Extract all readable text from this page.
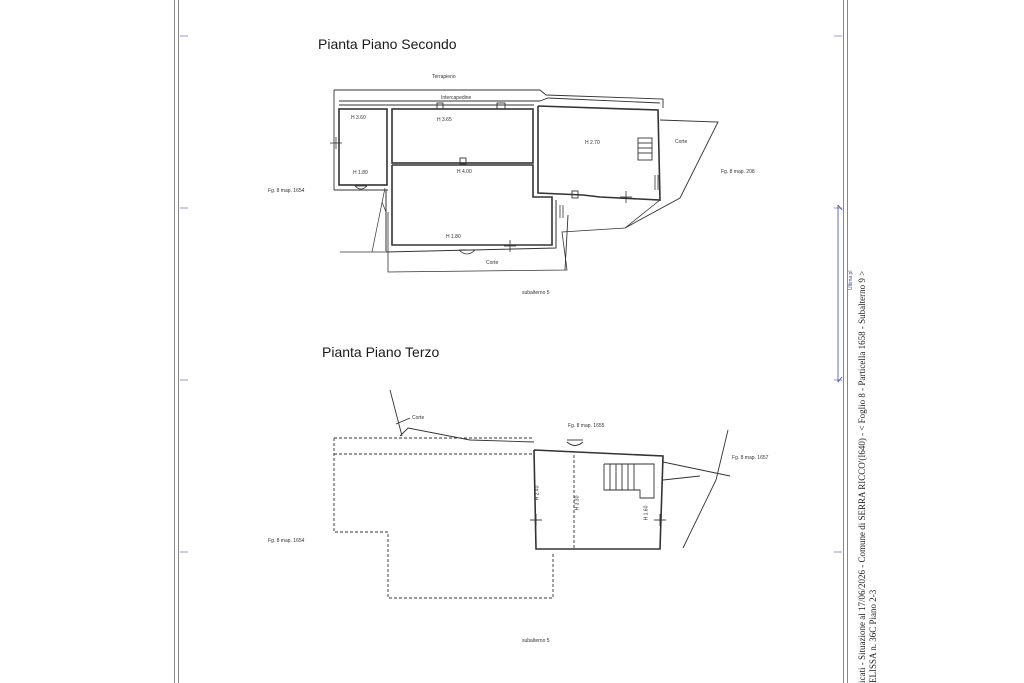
Pianta Piano Secondo
Terrapieno
Intercapedine
H 3.60	H 3.65
H 2.70
H 4.00
H 1.80
H 1.80
Corte
Corte
Fg. 8 map. 1654
Fg. 8 map. 208
subalterno 5
Pianta Piano Terzo
Corte
Fg. 8 map. 1655
Fg. 8 map. 1657
Fg. 8 map. 1654
H 2.40
H 3.30
H 1.60
subalterno 5	icati - Situazione al 17/06/2026 - Comune di SERRA RICCO'(I640) - < Foglio 8 - Particella 1658 - Subalterno 9 > ELISSA n. 36C Piano 2-3
Ultima pl
